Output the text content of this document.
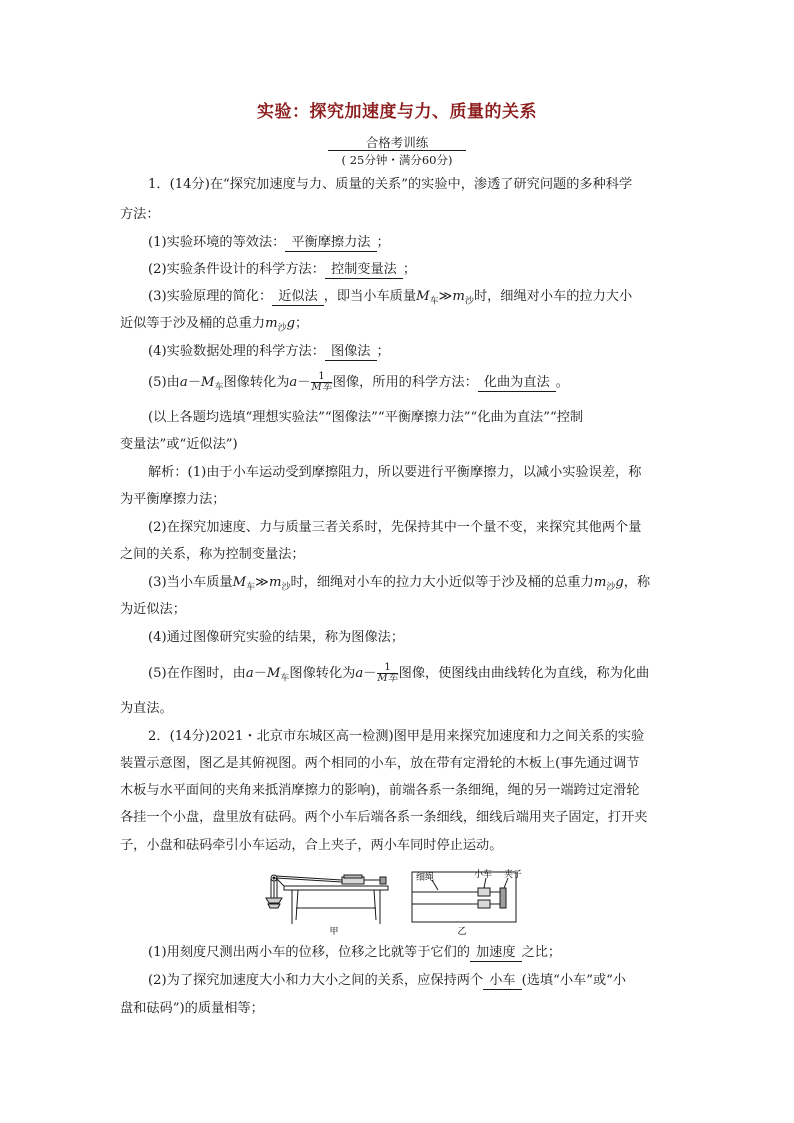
实验：探究加速度与力、质量的关系
合格考训练
( 25分钟・满分60分)
1．(14分)在“探究加速度与力、质量的关系”的实验中，渗透了研究问题的多种科学
方法：
(1)实验环境的等效法： 平衡摩擦力法 ；
(2)实验条件设计的科学方法： 控制变量法 ；
(3)实验原理的简化： 近似法 ，即当小车质量$M_车≫m_沙$时，细绳对小车的拉力大小
近似等于沙及桶的总重力$m_沙g$；
(4)实验数据处理的科学方法： 图像法 ；
(5)由$a-M_车$图像转化为$a- \frac{1}{\text{M车}}$ 图像，所用的科学方法： 化曲为直法 。
(以上各题均选填“理想实验法”“图像法”“平衡摩擦力法”“化曲为直法”“控制
变量法”或“近似法”)
解析：(1)由于小车运动受到摩擦阻力，所以要进行平衡摩擦力，以减小实验误差，称
为平衡摩擦力法；
(2)在探究加速度、力与质量三者关系时，先保持其中一个量不变，来探究其他两个量
之间的关系，称为控制变量法；
(3)当小车质量$M_车≫m_沙$时，细绳对小车的拉力大小近似等于沙及桶的总重力$m_沙g$，称
为近似法；
(4)通过图像研究实验的结果，称为图像法；
(5)在作图时，由$a-M_车$图像转化为$a- \frac{1}{\text{M车}}$ 图像，使图线由曲线转化为直线，称为化曲
为直法。
2．(14分)2021・北京市东城区高一检测)图甲是用来探究加速度和力之间关系的实验
装置示意图，图乙是其俯视图。两个相同的小车，放在带有定滑轮的木板上(事先通过调节
木板与水平面间的夹角来抵消摩擦力的影响)，前端各系一条细绳，绳的另一端跨过定滑轮
各挂一个小盘，盘里放有砝码。两个小车后端各系一条细线，细线后端用夹子固定，打开夹
子，小盘和砝码牵引小车运动，合上夹子，两小车同时停止运动。
甲
细绳	小车 夹子
乙
(1)用刻度尺测出两小车的位移，位移之比就等于它们的 加速度 之比；
(2)为了探究加速度大小和力大小之间的关系，应保持两个 小车 (选填“小车”或“小
盘和砝码”)的质量相等；
